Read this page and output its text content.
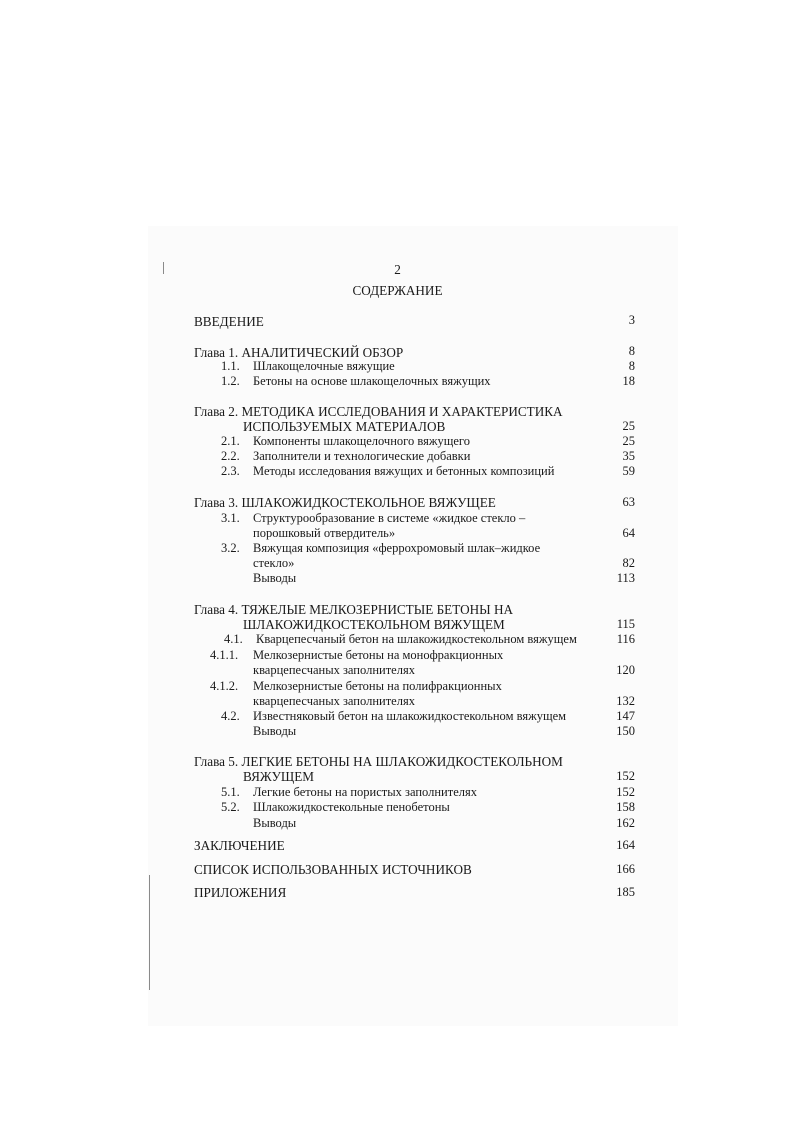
2
СОДЕРЖАНИЕ
ВВЕДЕНИЕ	3
Глава 1. АНАЛИТИЧЕСКИЙ ОБЗОР	8
1.1. Шлакощелочные вяжущие	8
1.2. Бетоны на основе шлакощелочных вяжущих	18
Глава 2. МЕТОДИКА ИССЛЕДОВАНИЯ И ХАРАКТЕРИСТИКА
ИСПОЛЬЗУЕМЫХ МАТЕРИАЛОВ	25
2.1. Компоненты шлакощелочного вяжущего	25
2.2. Заполнители и технологические добавки	35
2.3. Методы исследования вяжущих и бетонных композиций	59
Глава 3. ШЛАКОЖИДКОСТЕКОЛЬНОЕ ВЯЖУЩЕЕ	63
3.1. Структурообразование в системе «жидкое стекло –
порошковый отвердитель»	64
3.2. Вяжущая композиция «феррохромовый шлак–жидкое
стекло»	82
Выводы	113
Глава 4. ТЯЖЕЛЫЕ МЕЛКОЗЕРНИСТЫЕ БЕТОНЫ НА
ШЛАКОЖИДКОСТЕКОЛЬНОМ ВЯЖУЩЕМ	115
4.1. Кварцепесчаный бетон на шлакожидкостекольном вяжущем	116
4.1.1. Мелкозернистые бетоны на монофракционных
кварцепесчаных заполнителях	120
4.1.2. Мелкозернистые бетоны на полифракционных
кварцепесчаных заполнителях	132
4.2. Известняковый бетон на шлакожидкостекольном вяжущем	147
Выводы	150
Глава 5. ЛЕГКИЕ БЕТОНЫ НА ШЛАКОЖИДКОСТЕКОЛЬНОМ
ВЯЖУЩЕМ	152
5.1. Легкие бетоны на пористых заполнителях	152
5.2. Шлакожидкостекольные пенобетоны	158
Выводы	162
ЗАКЛЮЧЕНИЕ	164
СПИСОК ИСПОЛЬЗОВАННЫХ ИСТОЧНИКОВ	166
ПРИЛОЖЕНИЯ	185
